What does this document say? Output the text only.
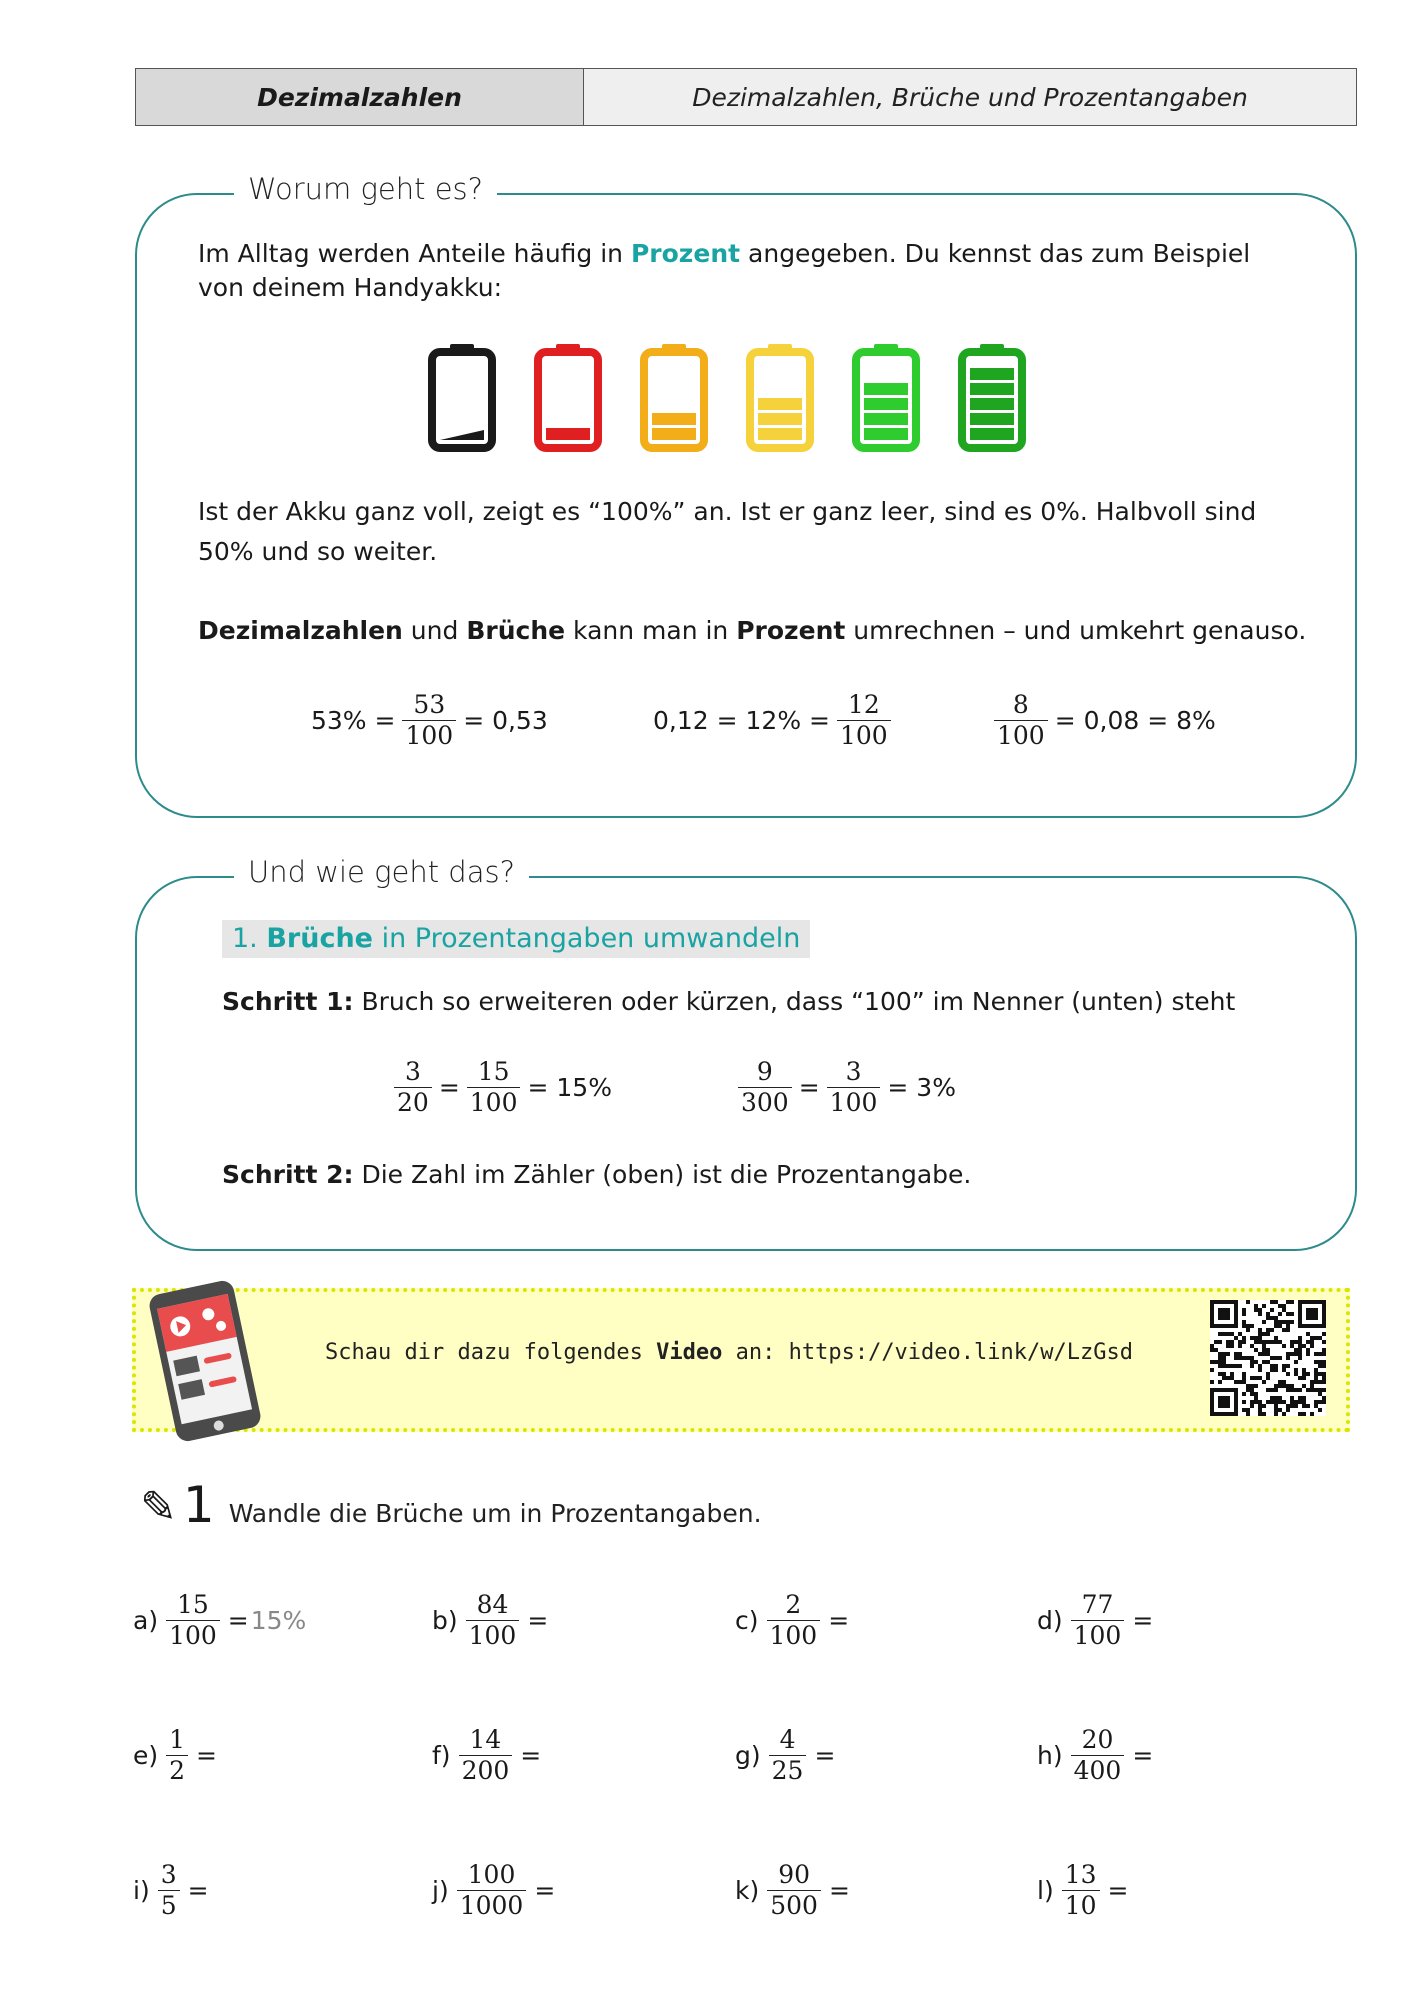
Dezimalzahlen	Dezimalzahlen, Brüche und Prozentangaben
Worum geht es?
Im Alltag werden Anteile häufig in Prozent angegeben. Du kennst das zum Beispiel
von deinem Handyakku:
Ist der Akku ganz voll, zeigt es “100%” an. Ist er ganz leer, sind es 0%. Halbvoll sind
50% und so weiter.
Dezimalzahlen und Brüche kann man in Prozent umrechnen – und umkehrt genauso.
$53\% = \frac{53}{100} = 0,53$	$0,12 = 12\% = \frac{12}{100}$	$\frac{8}{100} = 0,08 = 8\%$
Und wie geht das?
1. Brüche in Prozentangaben umwandeln
Schritt 1: Bruch so erweiteren oder kürzen, dass “100” im Nenner (unten) steht
$\frac{3}{20} = \frac{15}{100} = 15\%$	$\frac{9}{300} = \frac{3}{100} = 3\%$
Schritt 2: Die Zahl im Zähler (oben) ist die Prozentangabe.
Schau dir dazu folgendes Video an: https://video.link/w/LzGsd
✎ 1 Wandle die Brüche um in Prozentangaben.
$a) \frac{15}{100} = 15\%$	$b) \frac{84}{100}$ =	$c) \frac{2}{100}$ =	$d) \frac{77}{100}$ =
$e) \frac{1}{2}$ =	$f) \frac{14}{200}$ =	$g) \frac{4}{25}$ =	$h) \frac{20}{400}$ =
$i) \frac{3}{5}$ =	$j) \frac{100}{1000}$ =	$k) \frac{90}{500}$ =	$l) \frac{13}{10}$ =
